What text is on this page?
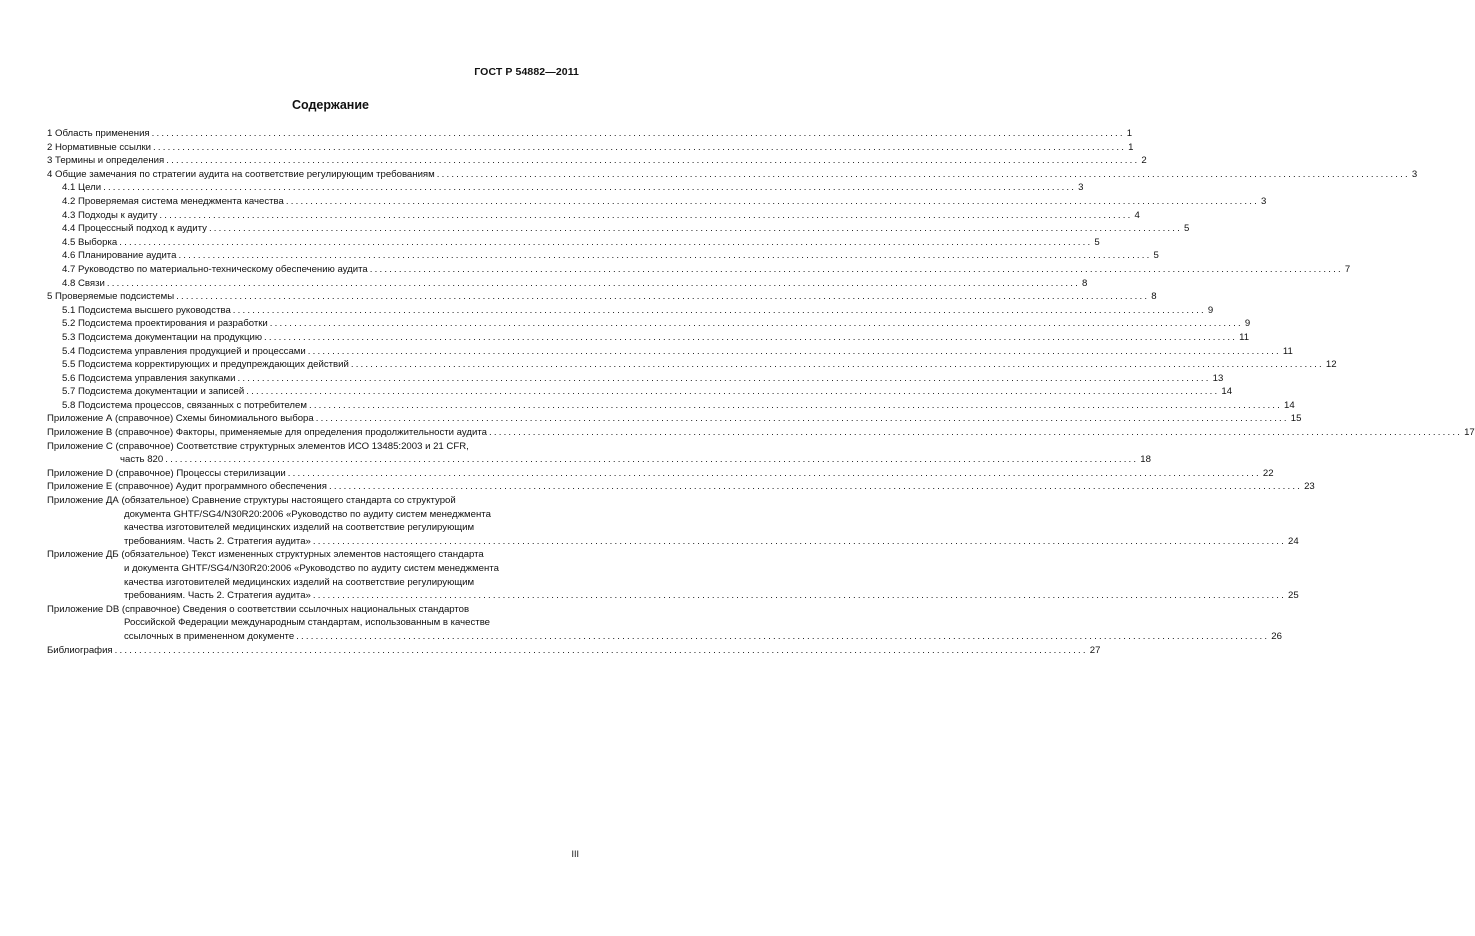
ГОСТ Р 54882—2011
Содержание
1 Область применения ........................................................................................................................................................................................................ 1
2 Нормативные ссылки ........................................................................................................................................................................................................ 1
3 Термины и определения ........................................................................................................................................................................................................ 2
4 Общие замечания по стратегии аудита на соответствие регулирующим требованиям ........................................................................................................................................................................................................ 3
4.1 Цели ........................................................................................................................................................................................................ 3
4.2 Проверяемая система менеджмента качества ........................................................................................................................................................................................................ 3
4.3 Подходы к аудиту ........................................................................................................................................................................................................ 4
4.4 Процессный подход к аудиту ........................................................................................................................................................................................................ 5
4.5 Выборка ........................................................................................................................................................................................................ 5
4.6 Планирование аудита ........................................................................................................................................................................................................ 5
4.7 Руководство по материально-техническому обеспечению аудита ........................................................................................................................................................................................................ 7
4.8 Связи ........................................................................................................................................................................................................ 8
5 Проверяемые подсистемы ........................................................................................................................................................................................................ 8
5.1 Подсистема высшего руководства ........................................................................................................................................................................................................ 9
5.2 Подсистема проектирования и разработки ........................................................................................................................................................................................................ 9
5.3 Подсистема документации на продукцию ........................................................................................................................................................................................................ 11
5.4 Подсистема управления продукцией и процессами ........................................................................................................................................................................................................ 11
5.5 Подсистема корректирующих и предупреждающих действий ........................................................................................................................................................................................................ 12
5.6 Подсистема управления закупками ........................................................................................................................................................................................................ 13
5.7 Подсистема документации и записей ........................................................................................................................................................................................................ 14
5.8 Подсистема процессов, связанных с потребителем ........................................................................................................................................................................................................ 14
Приложение А (справочное) Схемы биномиального выбора ........................................................................................................................................................................................................ 15
Приложение В (справочное) Факторы, применяемые для определения продолжительности аудита ........................................................................................................................................................................................................ 17
Приложение С (справочное) Соответствие структурных элементов ИСО 13485:2003 и 21 CFR,
часть 820 ........................................................................................................................................................................................................ 18
Приложение D (справочное) Процессы стерилизации ........................................................................................................................................................................................................ 22
Приложение E (справочное) Аудит программного обеспечения ........................................................................................................................................................................................................ 23
Приложение ДА (обязательное) Сравнение структуры настоящего стандарта со структурой
документа GHTF/SG4/N30R20:2006 «Руководство по аудиту систем менеджмента
качества изготовителей медицинских изделий на соответствие регулирующим
требованиям. Часть 2. Стратегия аудита» ........................................................................................................................................................................................................ 24
Приложение ДБ (обязательное) Текст измененных структурных элементов настоящего стандарта
и документа GHTF/SG4/N30R20:2006 «Руководство по аудиту систем менеджмента
качества изготовителей медицинских изделий на соответствие регулирующим
требованиям. Часть 2. Стратегия аудита» ........................................................................................................................................................................................................ 25
Приложение DB (справочное) Сведения о соответствии ссылочных национальных стандартов
Российской Федерации международным стандартам, использованным в качестве
ссылочных в примененном документе ........................................................................................................................................................................................................ 26
Библиография ........................................................................................................................................................................................................ 27
III
